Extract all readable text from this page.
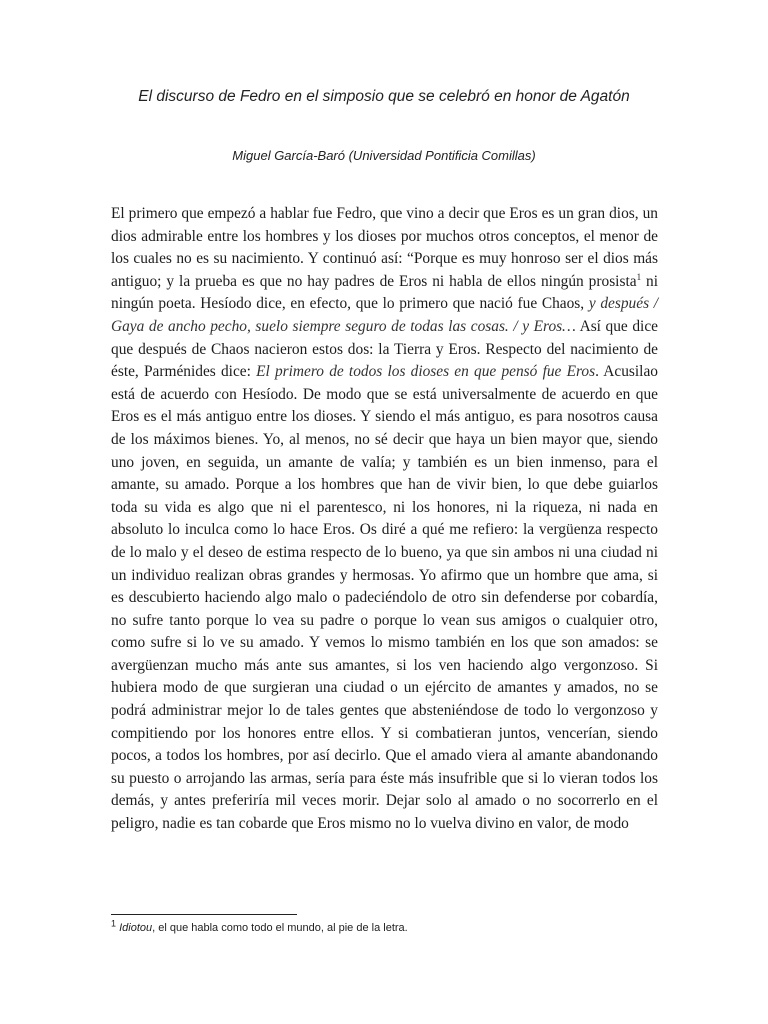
El discurso de Fedro en el simposio que se celebró en honor de Agatón

Miguel García-Baró (Universidad Pontificia Comillas)

El primero que empezó a hablar fue Fedro, que vino a decir que Eros es un gran dios, un dios admirable entre los hombres y los dioses por muchos otros conceptos, el menor de los cuales no es su nacimiento. Y continuó así: “Porque es muy honroso ser el dios más antiguo; y la prueba es que no hay padres de Eros ni habla de ellos ningún prosista$^1$ ni ningún poeta. Hesíodo dice, en efecto, que lo primero que nació fue Chaos, y después / Gaya de ancho pecho, suelo siempre seguro de todas las cosas. / y Eros… Así que dice que después de Chaos nacieron estos dos: la Tierra y Eros. Respecto del nacimiento de éste, Parménides dice: El primero de todos los dioses en que pensó fue Eros. Acusilao está de acuerdo con Hesíodo. De modo que se está universalmente de acuerdo en que Eros es el más antiguo entre los dioses. Y siendo el más antiguo, es para nosotros causa de los máximos bienes. Yo, al menos, no sé decir que haya un bien mayor que, siendo uno joven, en seguida, un amante de valía; y también es un bien inmenso, para el amante, su amado. Porque a los hombres que han de vivir bien, lo que debe guiarlos toda su vida es algo que ni el parentesco, ni los honores, ni la riqueza, ni nada en absoluto lo inculca como lo hace Eros. Os diré a qué me refiero: la vergüenza respecto de lo malo y el deseo de estima respecto de lo bueno, ya que sin ambos ni una ciudad ni un individuo realizan obras grandes y hermosas. Yo afirmo que un hombre que ama, si es descubierto haciendo algo malo o padeciéndolo de otro sin defenderse por cobardía, no sufre tanto porque lo vea su padre o porque lo vean sus amigos o cualquier otro, como sufre si lo ve su amado. Y vemos lo mismo también en los que son amados: se avergüenzan mucho más ante sus amantes, si los ven haciendo algo vergonzoso. Si hubiera modo de que surgieran una ciudad o un ejército de amantes y amados, no se podrá administrar mejor lo de tales gentes que absteniéndose de todo lo vergonzoso y compitiendo por los honores entre ellos. Y si combatieran juntos, vencerían, siendo pocos, a todos los hombres, por así decirlo. Que el amado viera al amante abandonando su puesto o arrojando las armas, sería para éste más insufrible que si lo vieran todos los demás, y antes preferiría mil veces morir. Dejar solo al amado o no socorrerlo en el peligro, nadie es tan cobarde que Eros mismo no lo vuelva divino en valor, de modo

$^1$ Idiotou, el que habla como todo el mundo, al pie de la letra.
